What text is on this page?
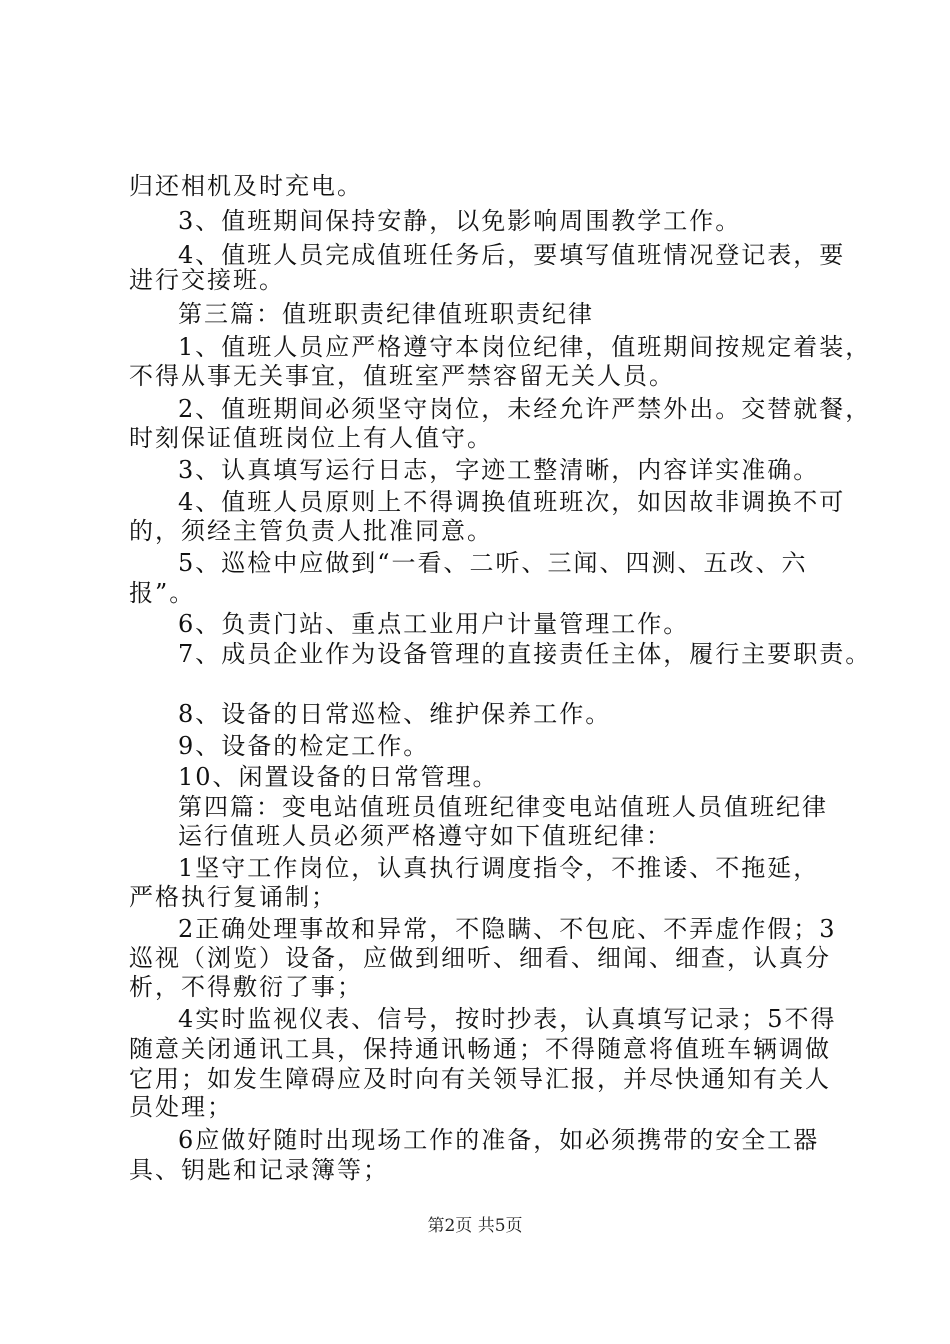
归还相机及时充电。
3、值班期间保持安静，以免影响周围教学工作。
4、值班人员完成值班任务后，要填写值班情况登记表，要
进行交接班。
第三篇：值班职责纪律值班职责纪律
1、值班人员应严格遵守本岗位纪律，值班期间按规定着装，
不得从事无关事宜，值班室严禁容留无关人员。
2、值班期间必须坚守岗位，未经允许严禁外出。交替就餐，
时刻保证值班岗位上有人值守。
3、认真填写运行日志，字迹工整清晰，内容详实准确。
4、值班人员原则上不得调换值班班次，如因故非调换不可
的，须经主管负责人批准同意。
5、巡检中应做到“一看、二听、三闻、四测、五改、六
报”。
6、负责门站、重点工业用户计量管理工作。
7、成员企业作为设备管理的直接责任主体，履行主要职责。
8、设备的日常巡检、维护保养工作。
9、设备的检定工作。
10、闲置设备的日常管理。
第四篇：变电站值班员值班纪律变电站值班人员值班纪律
运行值班人员必须严格遵守如下值班纪律：
1坚守工作岗位，认真执行调度指令，不推诿、不拖延，
严格执行复诵制；
2正确处理事故和异常，不隐瞒、不包庇、不弄虚作假；3
巡视（浏览）设备，应做到细听、细看、细闻、细查，认真分
析，不得敷衍了事；
4实时监视仪表、信号，按时抄表，认真填写记录；5不得
随意关闭通讯工具，保持通讯畅通；不得随意将值班车辆调做
它用；如发生障碍应及时向有关领导汇报，并尽快通知有关人
员处理；
6应做好随时出现场工作的准备，如必须携带的安全工器
具、钥匙和记录簿等；
第2页 共5页
